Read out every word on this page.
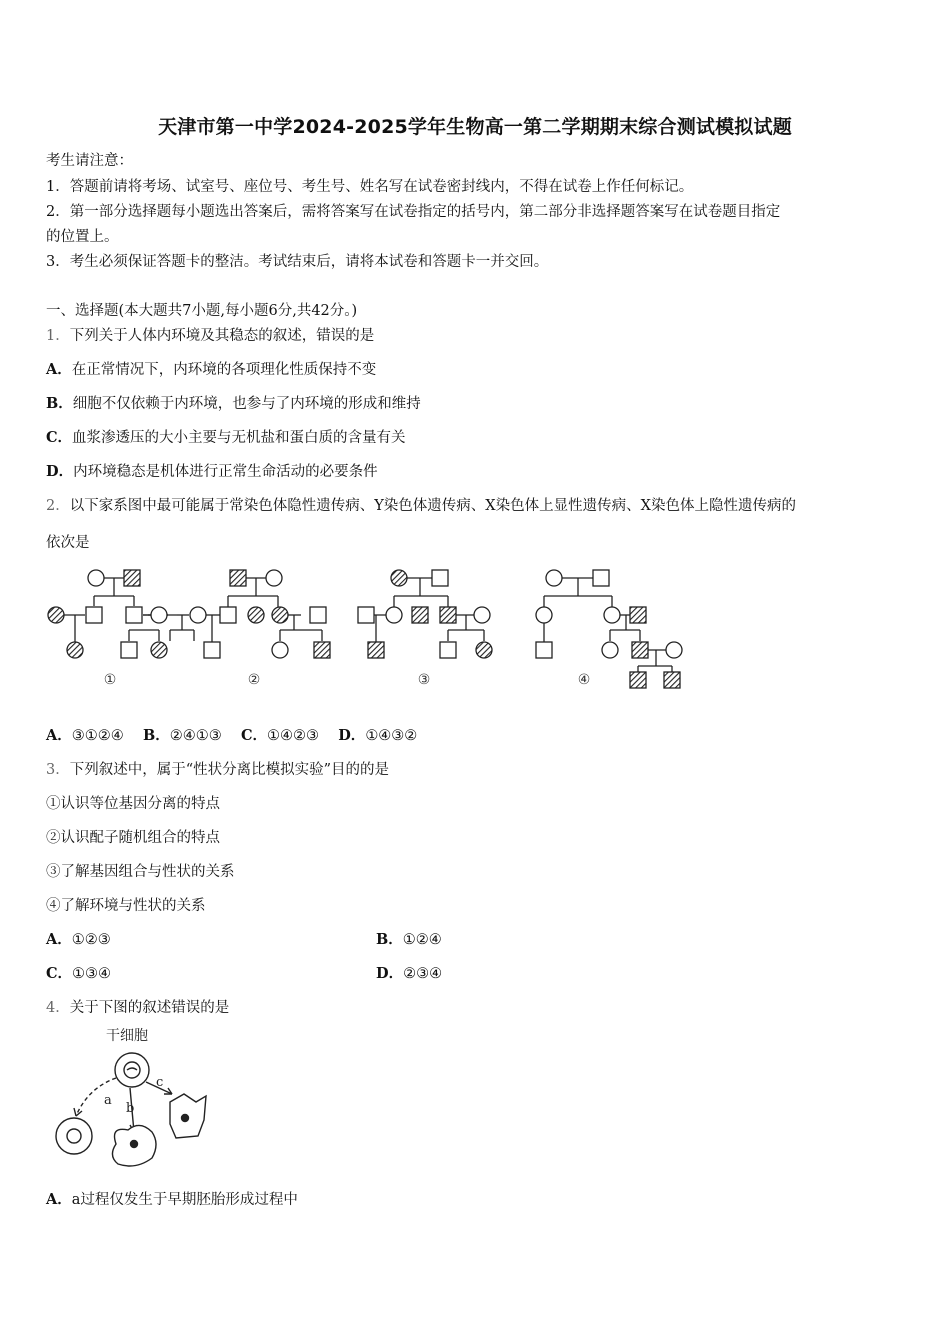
天津市第一中学2024-2025学年生物高一第二学期期末综合测试模拟试题
考生请注意：
1．答题前请将考场、试室号、座位号、考生号、姓名写在试卷密封线内，不得在试卷上作任何标记。
2．第一部分选择题每小题选出答案后，需将答案写在试卷指定的括号内，第二部分非选择题答案写在试卷题目指定
的位置上。
3．考生必须保证答题卡的整洁。考试结束后，请将本试卷和答题卡一并交回。
一、选择题(本大题共7小题,每小题6分,共42分。)
1．下列关于人体内环境及其稳态的叙述，错误的是
A．在正常情况下，内环境的各项理化性质保持不变
B．细胞不仅依赖于内环境，也参与了内环境的形成和维持
C．血浆渗透压的大小主要与无机盐和蛋白质的含量有关
D．内环境稳态是机体进行正常生命活动的必要条件
2．以下家系图中最可能属于常染色体隐性遗传病、Y染色体遗传病、X染色体上显性遗传病、X染色体上隐性遗传病的
依次是
①	②	③	④
A．③①②④ B．②④①③ C．①④②③ D．①④③②
3．下列叙述中，属于“性状分离比模拟实验”目的的是
①认识等位基因分离的特点
②认识配子随机组合的特点
③了解基因组合与性状的关系
④了解环境与性状的关系
A．①②③	B．①②④
C．①③④	D．②③④
4．关于下图的叙述错误的是
干细胞
a
b
c
A．a过程仅发生于早期胚胎形成过程中
